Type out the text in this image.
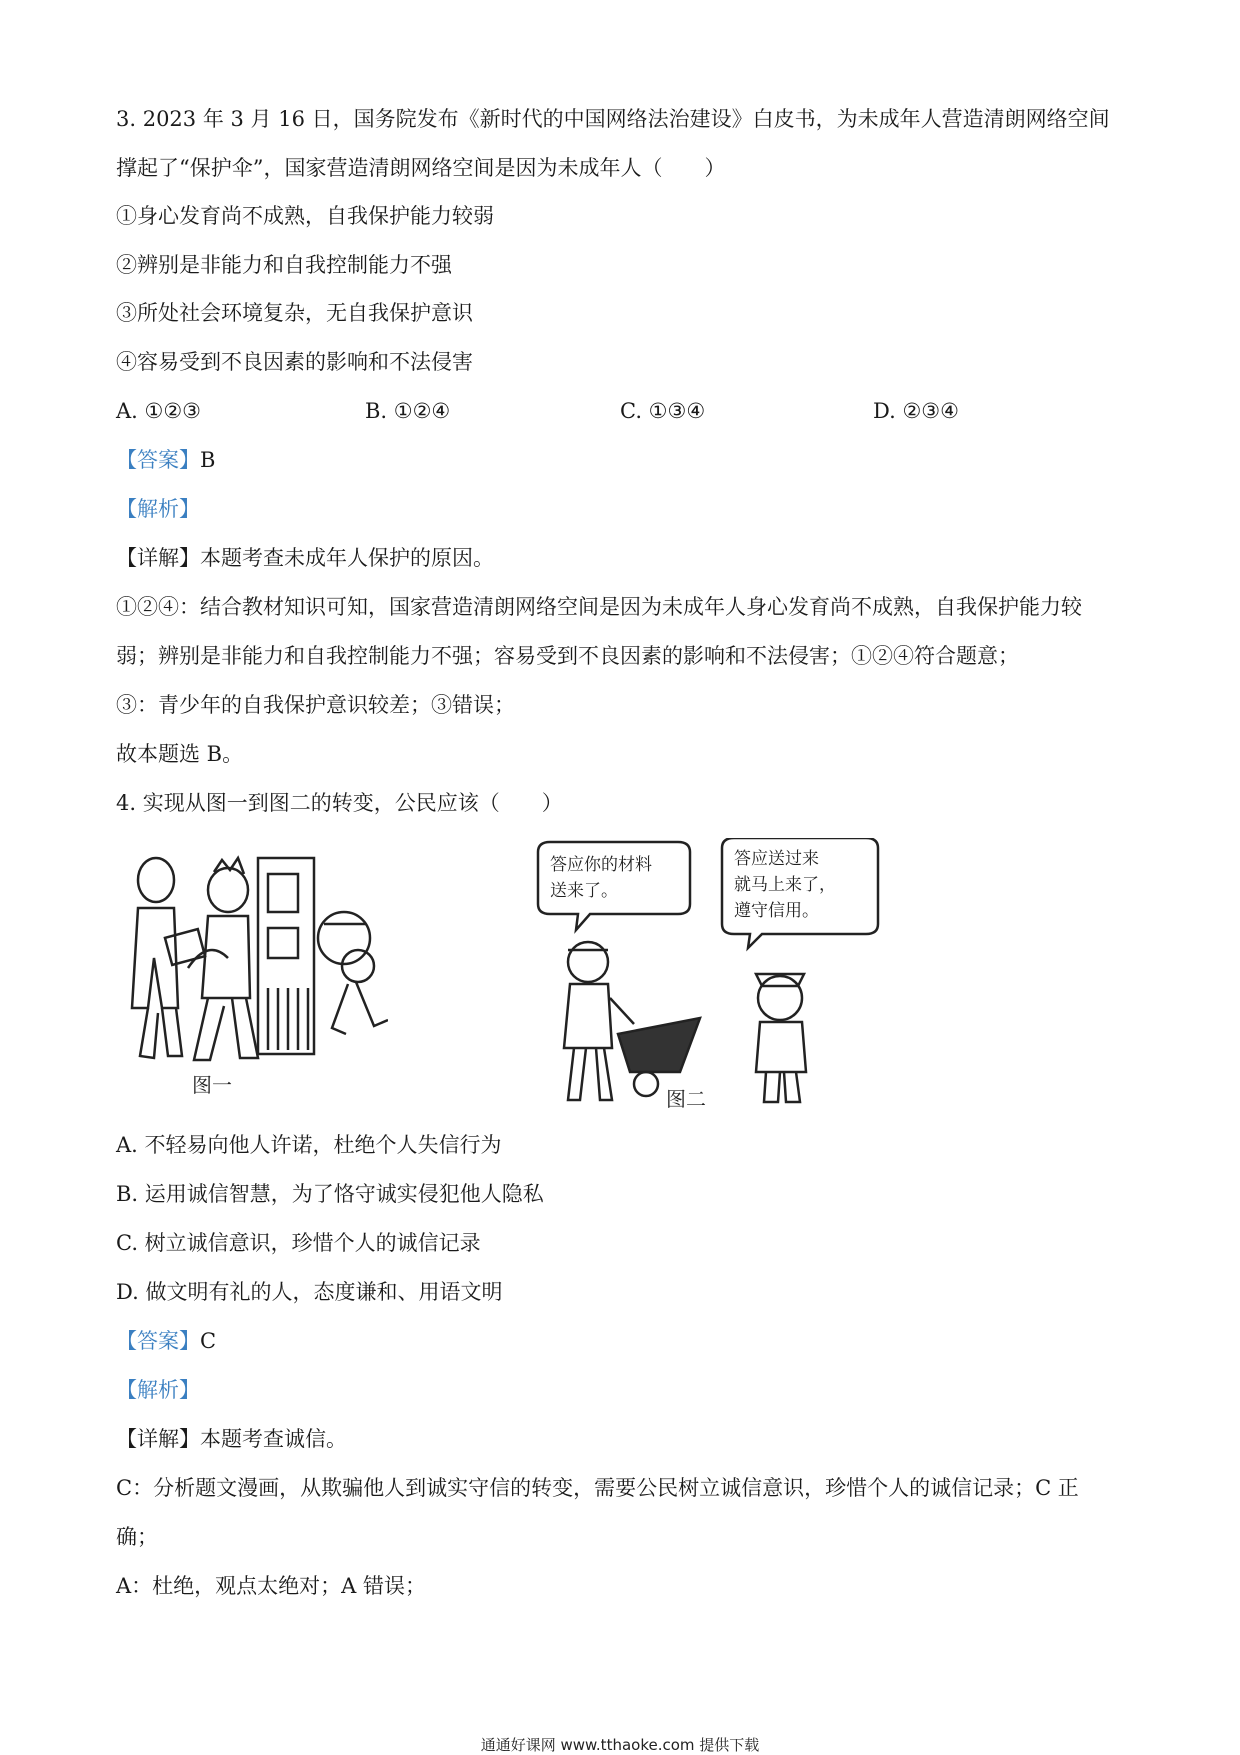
3. 2023 年 3 月 16 日，国务院发布《新时代的中国网络法治建设》白皮书，为未成年人营造清朗网络空间
撑起了“保护伞”，国家营造清朗网络空间是因为未成年人（　　）
①身心发育尚不成熟，自我保护能力较弱
②辨别是非能力和自我控制能力不强
③所处社会环境复杂，无自我保护意识
④容易受到不良因素的影响和不法侵害
A. ①②③	B. ①②④	C. ①③④	D. ②③④
【答案】B
【解析】
【详解】本题考查未成年人保护的原因。
①②④：结合教材知识可知，国家营造清朗网络空间是因为未成年人身心发育尚不成熟，自我保护能力较
弱；辨别是非能力和自我控制能力不强；容易受到不良因素的影响和不法侵害；①②④符合题意；
③：青少年的自我保护意识较差；③错误；
故本题选 B。
4. 实现从图一到图二的转变，公民应该（　　）
图一
答应你的材料
送来了。
答应送过来
就马上来了，
遵守信用。
图二
A. 不轻易向他人许诺，杜绝个人失信行为
B. 运用诚信智慧，为了恪守诚实侵犯他人隐私
C. 树立诚信意识，珍惜个人的诚信记录
D. 做文明有礼的人，态度谦和、用语文明
【答案】C
【解析】
【详解】本题考查诚信。
C：分析题文漫画，从欺骗他人到诚实守信的转变，需要公民树立诚信意识，珍惜个人的诚信记录；C 正
确；
A：杜绝，观点太绝对；A 错误；
通通好课网 www.tthaoke.com 提供下载
